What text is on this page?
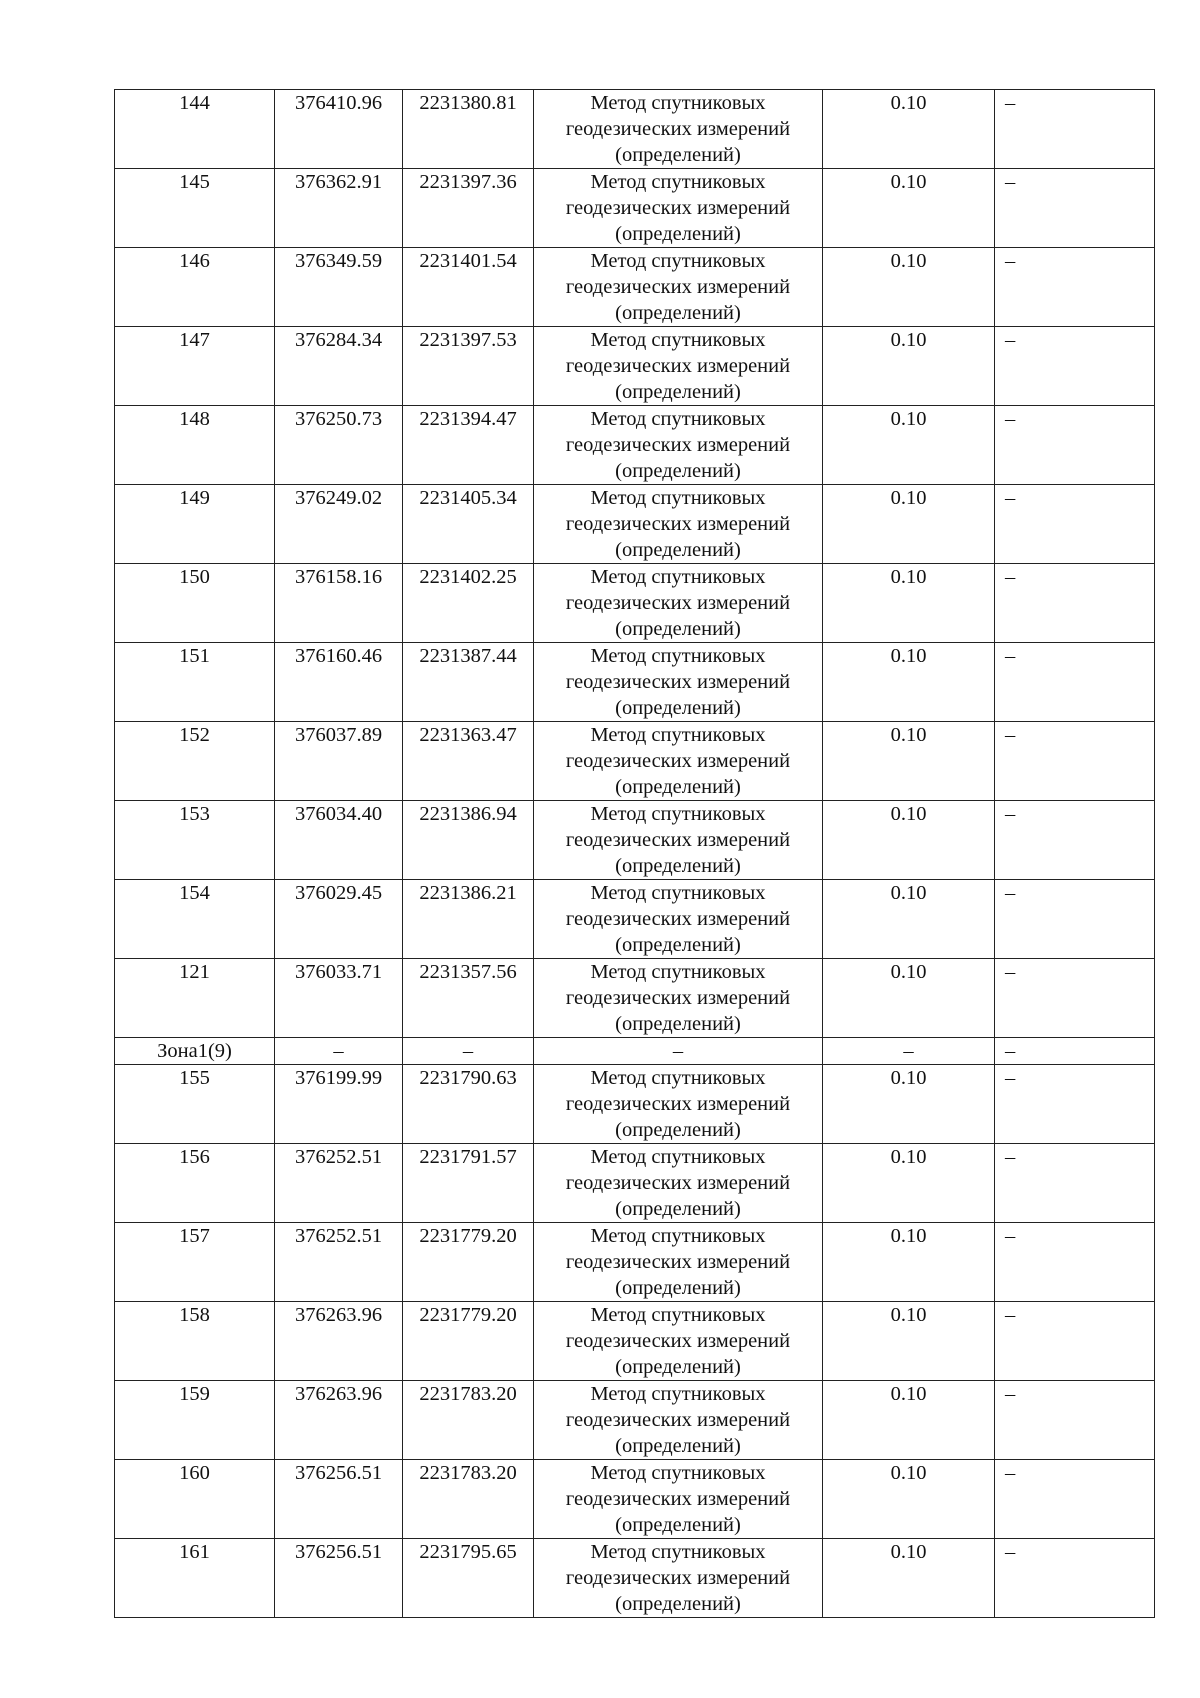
144	376410.96	2231380.81	Метод спутниковых геодезических измерений (определений)	0.10	–
145	376362.91	2231397.36	Метод спутниковых геодезических измерений (определений)	0.10	–
146	376349.59	2231401.54	Метод спутниковых геодезических измерений (определений)	0.10	–
147	376284.34	2231397.53	Метод спутниковых геодезических измерений (определений)	0.10	–
148	376250.73	2231394.47	Метод спутниковых геодезических измерений (определений)	0.10	–
149	376249.02	2231405.34	Метод спутниковых геодезических измерений (определений)	0.10	–
150	376158.16	2231402.25	Метод спутниковых геодезических измерений (определений)	0.10	–
151	376160.46	2231387.44	Метод спутниковых геодезических измерений (определений)	0.10	–
152	376037.89	2231363.47	Метод спутниковых геодезических измерений (определений)	0.10	–
153	376034.40	2231386.94	Метод спутниковых геодезических измерений (определений)	0.10	–
154	376029.45	2231386.21	Метод спутниковых геодезических измерений (определений)	0.10	–
121	376033.71	2231357.56	Метод спутниковых геодезических измерений (определений)	0.10	–
Зона1(9)	–	–	–	–	–
155	376199.99	2231790.63	Метод спутниковых геодезических измерений (определений)	0.10	–
156	376252.51	2231791.57	Метод спутниковых геодезических измерений (определений)	0.10	–
157	376252.51	2231779.20	Метод спутниковых геодезических измерений (определений)	0.10	–
158	376263.96	2231779.20	Метод спутниковых геодезических измерений (определений)	0.10	–
159	376263.96	2231783.20	Метод спутниковых геодезических измерений (определений)	0.10	–
160	376256.51	2231783.20	Метод спутниковых геодезических измерений (определений)	0.10	–
161	376256.51	2231795.65	Метод спутниковых геодезических измерений (определений)	0.10	–
